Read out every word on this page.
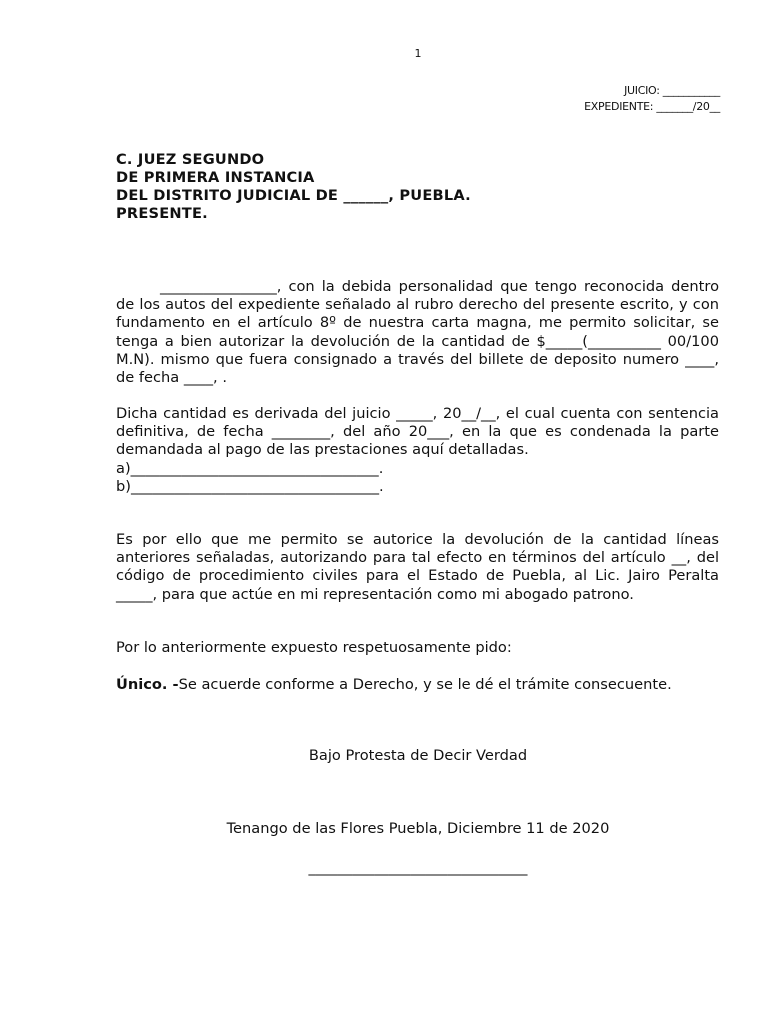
1
JUICIO: ___________
EXPEDIENTE: _______/20__
C. JUEZ SEGUNDO
DE PRIMERA INSTANCIA
DEL DISTRITO JUDICIAL DE ______, PUEBLA.
PRESENTE.
________________, con la debida personalidad que tengo reconocida dentro de los autos del expediente señalado al rubro derecho del presente escrito, y con fundamento en el artículo 8º de nuestra carta magna, me permito solicitar, se tenga a bien autorizar la devolución de la cantidad de $_____(__________ 00/100 M.N). mismo que fuera consignado a través del billete de deposito numero ____, de fecha ____, .
Dicha cantidad es derivada del juicio _____, 20__/__, el cual cuenta con sentencia definitiva, de fecha ________, del año 20___, en la que es condenada la parte demandada al pago de las prestaciones aquí detalladas.
a)__________________________________.
b)__________________________________.
Es por ello que me permito se autorice la devolución de la cantidad líneas anteriores señaladas, autorizando para tal efecto en términos del artículo __, del código de procedimiento civiles para el Estado de Puebla, al Lic. Jairo Peralta _____, para que actúe en mi representación como mi abogado patrono.
Por lo anteriormente expuesto respetuosamente pido:
Único. -Se acuerde conforme a Derecho, y se le dé el trámite consecuente.
Bajo Protesta de Decir Verdad
Tenango de las Flores Puebla, Diciembre 11 de 2020
______________________________
